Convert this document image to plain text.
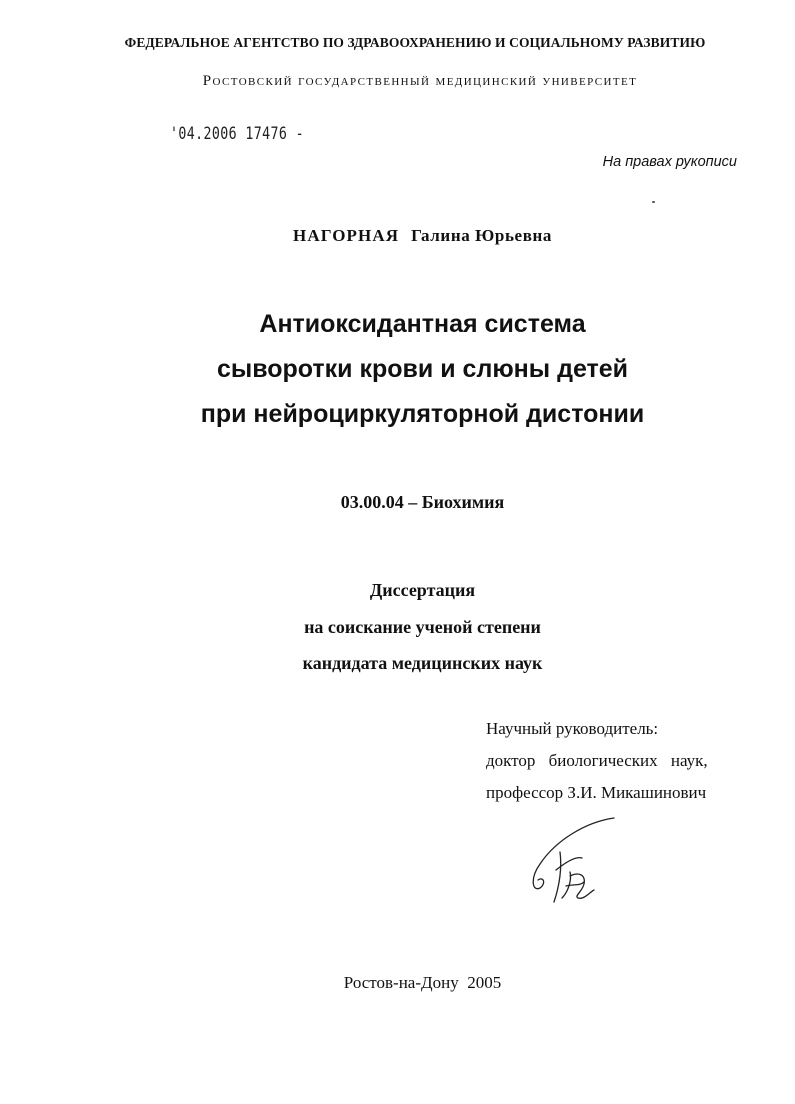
ФЕДЕРАЛЬНОЕ АГЕНТСТВО ПО ЗДРАВООХРАНЕНИЮ И СОЦИАЛЬНОМУ РАЗВИТИЮ
Ростовский государственный медицинский университет
'04.2006 17476 -
На правах рукописи
НАГОРНАЯ Галина Юрьевна
Антиоксидантная система
сыворотки крови и слюны детей
при нейроциркуляторной дистонии
03.00.04 – Биохимия
Диссертация
на соискание ученой степени
кандидата медицинских наук
Научный руководитель:
доктор биологических наук,
профессор З.И. Микашинович
Ростов-на-Дону 2005
